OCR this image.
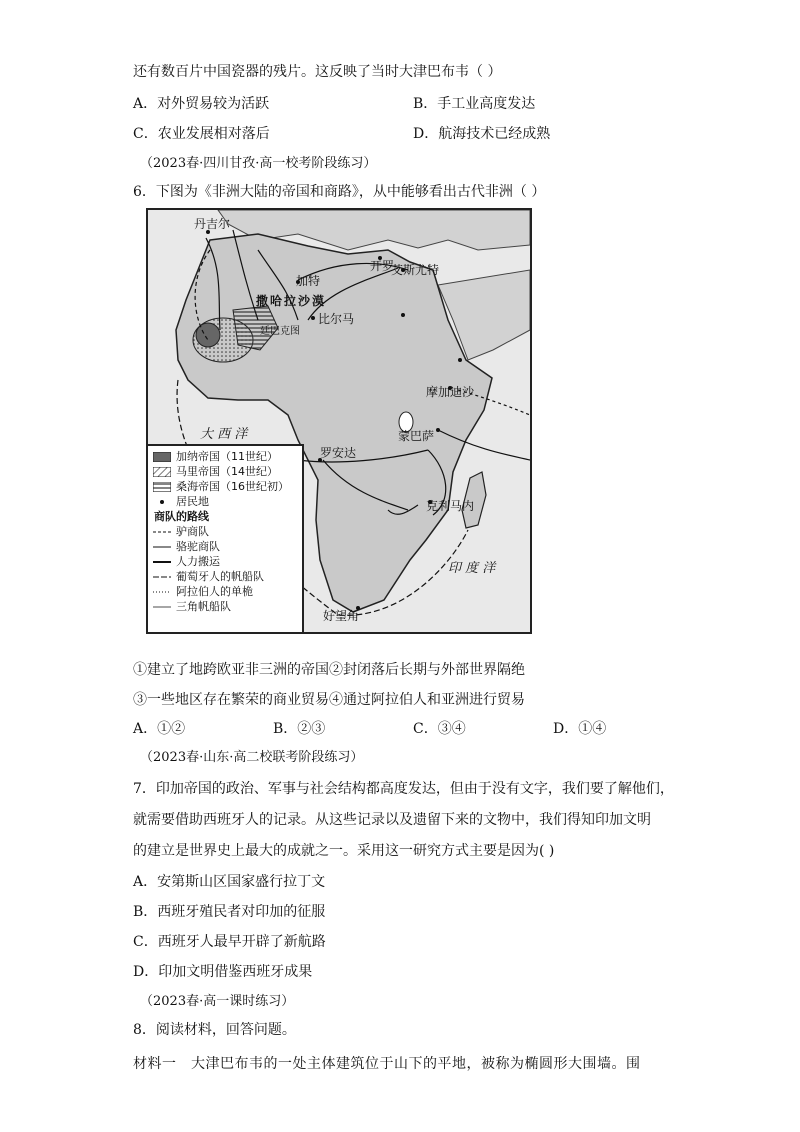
还有数百片中国瓷器的残片。这反映了当时大津巴布韦（ ）
A．对外贸易较为活跃	B．手工业高度发达
C．农业发展相对落后	D．航海技术已经成熟
（2023春·四川甘孜·高一校考阶段练习）
6．下图为《非洲大陆的帝国和商路》，从中能够看出古代非洲（ ）
丹吉尔
开罗
加特
艾斯尤特
撒哈拉沙漠
比尔马
廷巴克图
摩加迪沙
蒙巴萨
罗安达
克利马内
好望角
大 西 洋
印 度 洋
加纳帝国（11世纪）
马里帝国（14世纪）
桑海帝国（16世纪初）
居民地
商队的路线
驴商队
骆驼商队
人力搬运
葡萄牙人的帆船队
阿拉伯人的单桅
三角帆船队
①建立了地跨欧亚非三洲的帝国②封闭落后长期与外部世界隔绝
③一些地区存在繁荣的商业贸易④通过阿拉伯人和亚洲进行贸易
A．①②	B．②③	C．③④	D．①④
（2023春·山东·高二校联考阶段练习）
7．印加帝国的政治、军事与社会结构都高度发达，但由于没有文字，我们要了解他们，
就需要借助西班牙人的记录。从这些记录以及遗留下来的文物中，我们得知印加文明
的建立是世界史上最大的成就之一。采用这一研究方式主要是因为( )
A．安第斯山区国家盛行拉丁文
B．西班牙殖民者对印加的征服
C．西班牙人最早开辟了新航路
D．印加文明借鉴西班牙成果
（2023春·高一课时练习）
8．阅读材料，回答问题。
材料一　大津巴布韦的一处主体建筑位于山下的平地，被称为椭圆形大围墙。围
